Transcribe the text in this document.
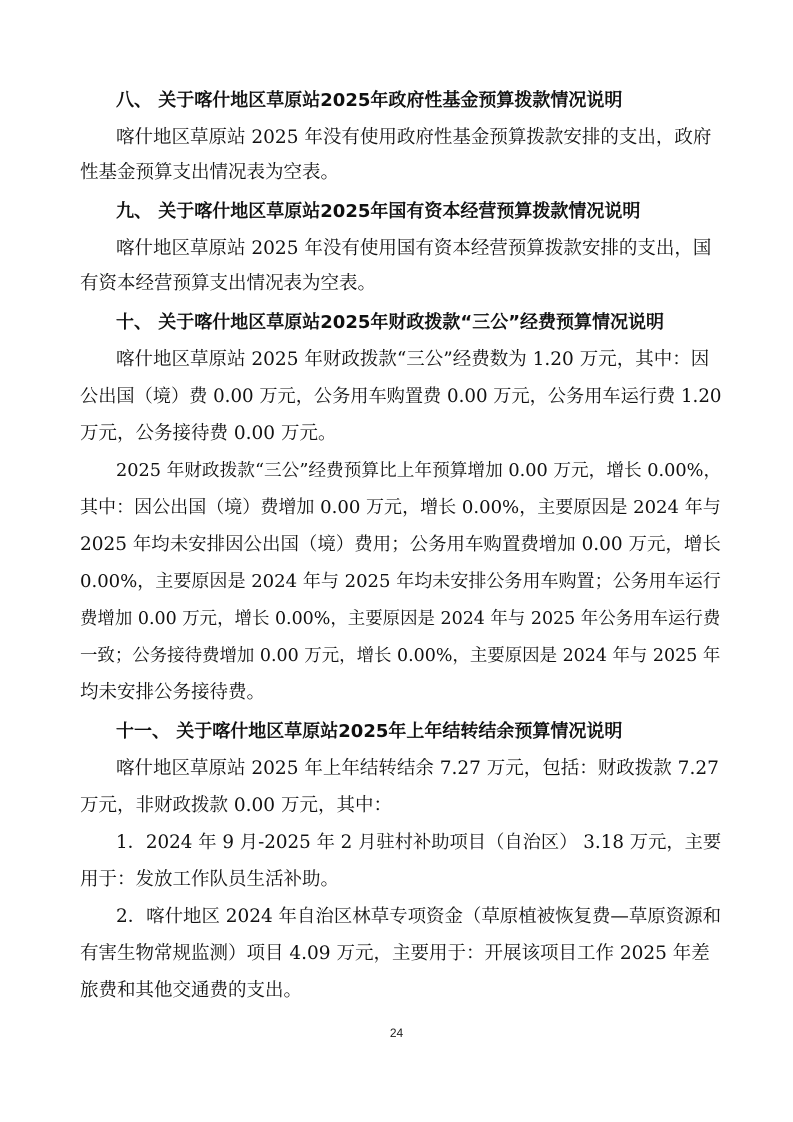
八、 关于喀什地区草原站2025年政府性基金预算拨款情况说明
喀什地区草原站 2025 年没有使用政府性基金预算拨款安排的支出，政府
性基金预算支出情况表为空表。
九、 关于喀什地区草原站2025年国有资本经营预算拨款情况说明
喀什地区草原站 2025 年没有使用国有资本经营预算拨款安排的支出，国
有资本经营预算支出情况表为空表。
十、 关于喀什地区草原站2025年财政拨款“三公”经费预算情况说明
喀什地区草原站 2025 年财政拨款“三公”经费数为 1.20 万元，其中：因
公出国（境）费 0.00 万元，公务用车购置费 0.00 万元，公务用车运行费 1.20
万元，公务接待费 0.00 万元。
2025 年财政拨款“三公”经费预算比上年预算增加 0.00 万元，增长 0.00%，
其中：因公出国（境）费增加 0.00 万元，增长 0.00%，主要原因是 2024 年与
2025 年均未安排因公出国（境）费用；公务用车购置费增加 0.00 万元，增长
0.00%，主要原因是 2024 年与 2025 年均未安排公务用车购置；公务用车运行
费增加 0.00 万元，增长 0.00%，主要原因是 2024 年与 2025 年公务用车运行费
一致；公务接待费增加 0.00 万元，增长 0.00%，主要原因是 2024 年与 2025 年
均未安排公务接待费。
十一、 关于喀什地区草原站2025年上年结转结余预算情况说明
喀什地区草原站 2025 年上年结转结余 7.27 万元，包括：财政拨款 7.27
万元，非财政拨款 0.00 万元，其中：
1．2024 年 9 月-2025 年 2 月驻村补助项目（自治区） 3.18 万元，主要
用于：发放工作队员生活补助。
2．喀什地区 2024 年自治区林草专项资金（草原植被恢复费—草原资源和
有害生物常规监测）项目 4.09 万元，主要用于：开展该项目工作 2025 年差
旅费和其他交通费的支出。
24
